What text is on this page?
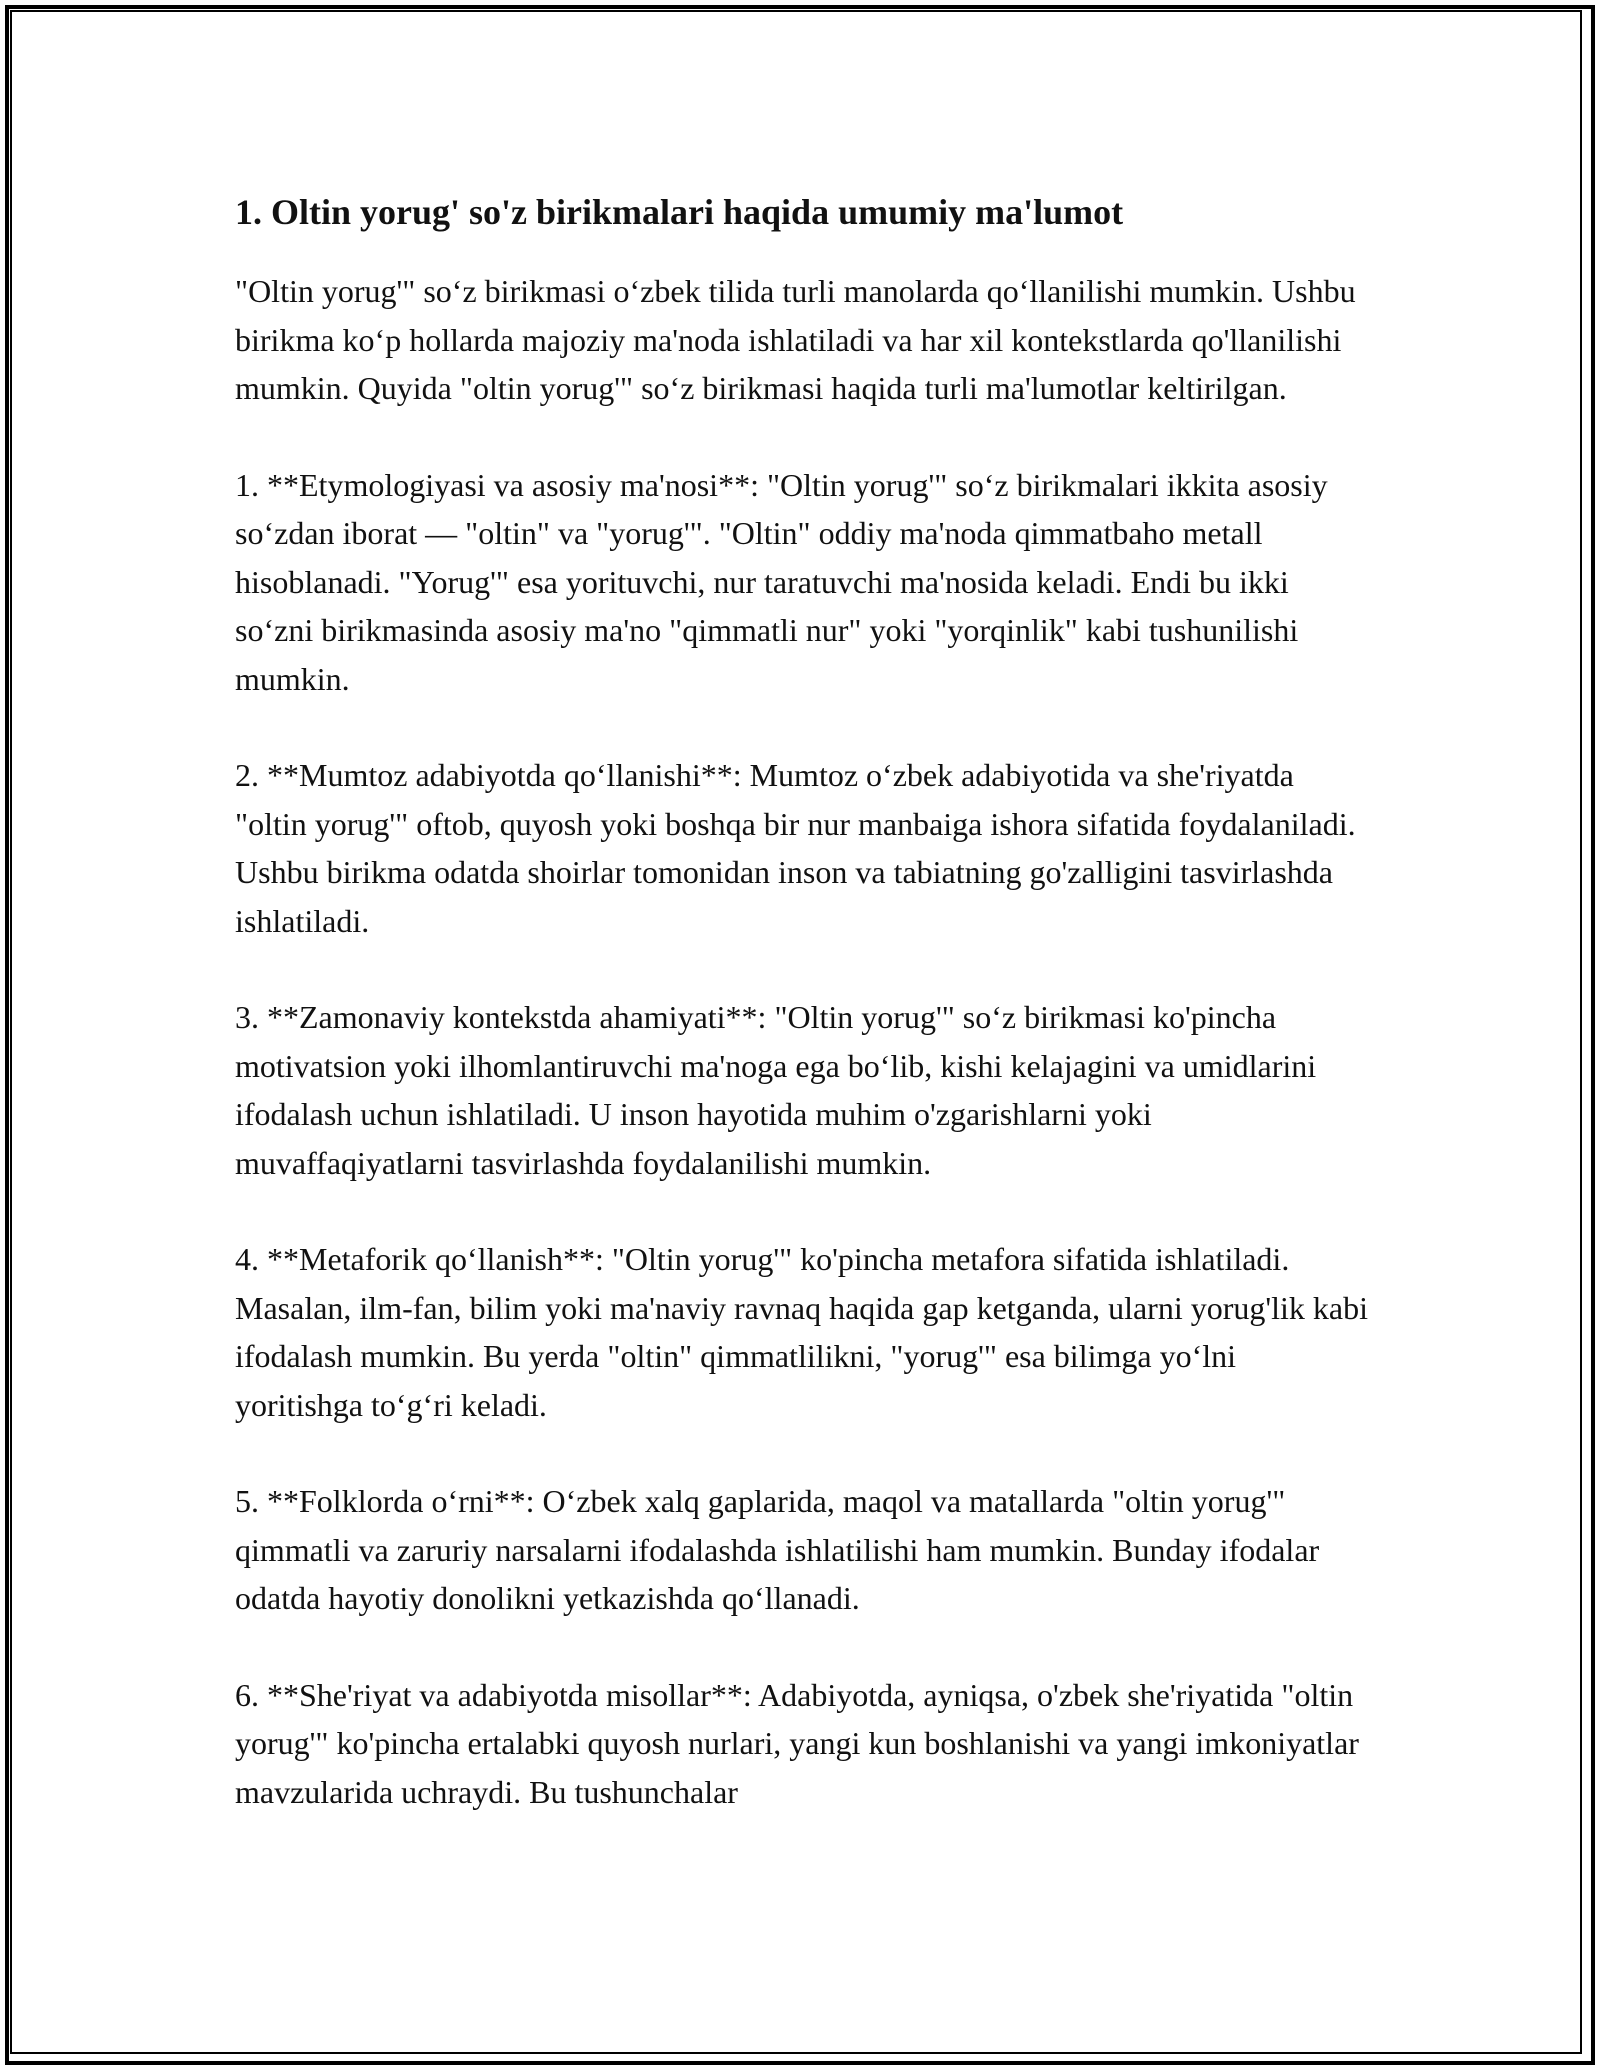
1. Oltin yorug' so'z birikmalari haqida umumiy ma'lumot

"Oltin yorug'" so‘z birikmasi o‘zbek tilida turli manolarda qo‘llanilishi mumkin. Ushbu birikma ko‘p hollarda majoziy ma'noda ishlatiladi va har xil kontekstlarda qo'llanilishi mumkin. Quyida "oltin yorug'" so‘z birikmasi haqida turli ma'lumotlar keltirilgan.

1. **Etymologiyasi va asosiy ma'nosi**: "Oltin yorug'" so‘z birikmalari ikkita asosiy so‘zdan iborat — "oltin" va "yorug'". "Oltin" oddiy ma'noda qimmatbaho metall hisoblanadi. "Yorug'" esa yorituvchi, nur taratuvchi ma'nosida keladi. Endi bu ikki so‘zni birikmasinda asosiy ma'no "qimmatli nur" yoki "yorqinlik" kabi tushunilishi mumkin.

2. **Mumtoz adabiyotda qo‘llanishi**: Mumtoz o‘zbek adabiyotida va she'riyatda "oltin yorug'" oftob, quyosh yoki boshqa bir nur manbaiga ishora sifatida foydalaniladi. Ushbu birikma odatda shoirlar tomonidan inson va tabiatning go'zalligini tasvirlashda ishlatiladi.

3. **Zamonaviy kontekstda ahamiyati**: "Oltin yorug'" so‘z birikmasi ko'pincha motivatsion yoki ilhomlantiruvchi ma'noga ega bo‘lib, kishi kelajagini va umidlarini ifodalash uchun ishlatiladi. U inson hayotida muhim o'zgarishlarni yoki muvaffaqiyatlarni tasvirlashda foydalanilishi mumkin.

4. **Metaforik qo‘llanish**: "Oltin yorug'" ko'pincha metafora sifatida ishlatiladi. Masalan, ilm-fan, bilim yoki ma'naviy ravnaq haqida gap ketganda, ularni yorug'lik kabi ifodalash mumkin. Bu yerda "oltin" qimmatlilikni, "yorug'" esa bilimga yo‘lni yoritishga to‘g‘ri keladi.

5. **Folklorda o‘rni**: O‘zbek xalq gaplarida, maqol va matallarda "oltin yorug'" qimmatli va zaruriy narsalarni ifodalashda ishlatilishi ham mumkin. Bunday ifodalar odatda hayotiy donolikni yetkazishda qo‘llanadi.

6. **She'riyat va adabiyotda misollar**: Adabiyotda, ayniqsa, o'zbek she'riyatida "oltin yorug'" ko'pincha ertalabki quyosh nurlari, yangi kun boshlanishi va yangi imkoniyatlar mavzularida uchraydi. Bu tushunchalar
